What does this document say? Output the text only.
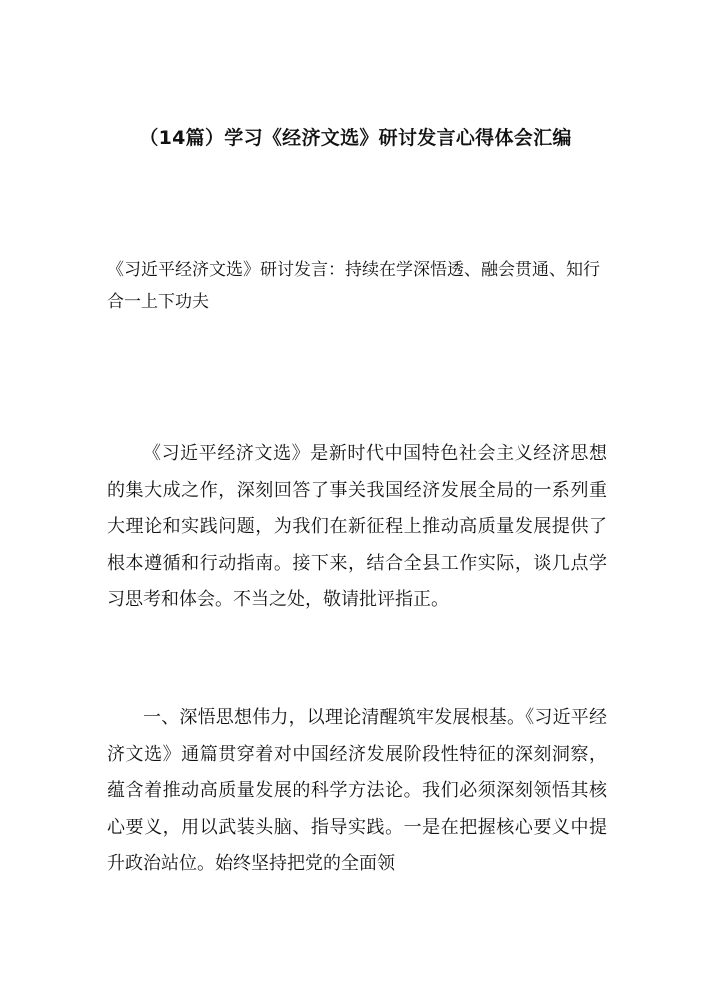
（14篇）学习《经济文选》研讨发言心得体会汇编

《习近平经济文选》研讨发言：持续在学深悟透、融会贯通、知行合一上下功夫

《习近平经济文选》是新时代中国特色社会主义经济思想的集大成之作，深刻回答了事关我国经济发展全局的一系列重大理论和实践问题，为我们在新征程上推动高质量发展提供了根本遵循和行动指南。接下来，结合全县工作实际，谈几点学习思考和体会。不当之处，敬请批评指正。

一、深悟思想伟力，以理论清醒筑牢发展根基。《习近平经济文选》通篇贯穿着对中国经济发展阶段性特征的深刻洞察，蕴含着推动高质量发展的科学方法论。我们必须深刻领悟其核心要义，用以武装头脑、指导实践。一是在把握核心要义中提升政治站位。始终坚持把党的全面领
